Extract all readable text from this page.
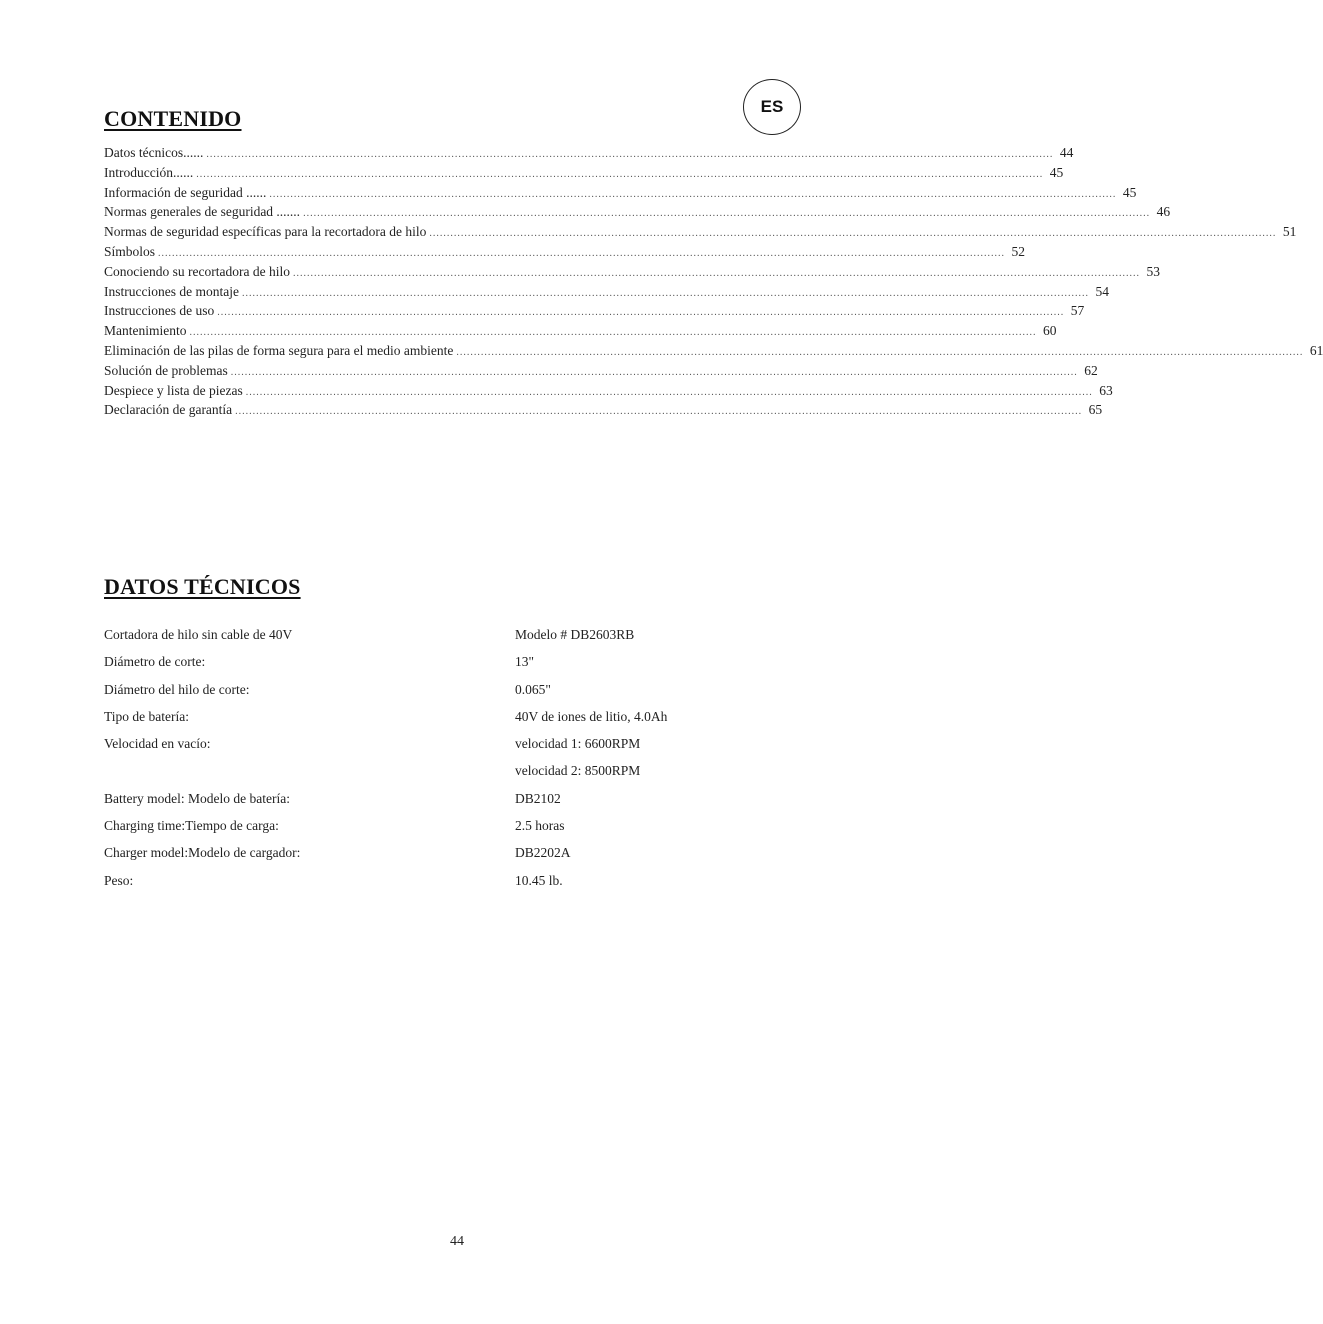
ES
CONTENIDO
Datos técnicos...... .................................................................................................................................................................................................................................................. 44
Introducción...... .................................................................................................................................................................................................................................................. 45
Información de seguridad ...... .................................................................................................................................................................................................................................................. 45
Normas generales de seguridad ....... .................................................................................................................................................................................................................................................. 46
Normas de seguridad específicas para la recortadora de hilo .................................................................................................................................................................................................................................................. 51
Símbolos .................................................................................................................................................................................................................................................. 52
Conociendo su recortadora de hilo .................................................................................................................................................................................................................................................. 53
Instrucciones de montaje .................................................................................................................................................................................................................................................. 54
Instrucciones de uso .................................................................................................................................................................................................................................................. 57
Mantenimiento .................................................................................................................................................................................................................................................. 60
Eliminación de las pilas de forma segura para el medio ambiente .................................................................................................................................................................................................................................................. 61
Solución de problemas .................................................................................................................................................................................................................................................. 62
Despiece y lista de piezas .................................................................................................................................................................................................................................................. 63
Declaración de garantía .................................................................................................................................................................................................................................................. 65
DATOS TÉCNICOS
Cortadora de hilo sin cable de 40V	Modelo # DB2603RB
Diámetro de corte:	13"
Diámetro del hilo de corte:	0.065"
Tipo de batería:	40V de iones de litio, 4.0Ah
Velocidad en vacío:	velocidad 1: 6600RPM
velocidad 2: 8500RPM
Battery model: Modelo de batería:	DB2102
Charging time:Tiempo de carga:	2.5 horas
Charger model:Modelo de cargador:	DB2202A
Peso:	10.45 lb.
44
